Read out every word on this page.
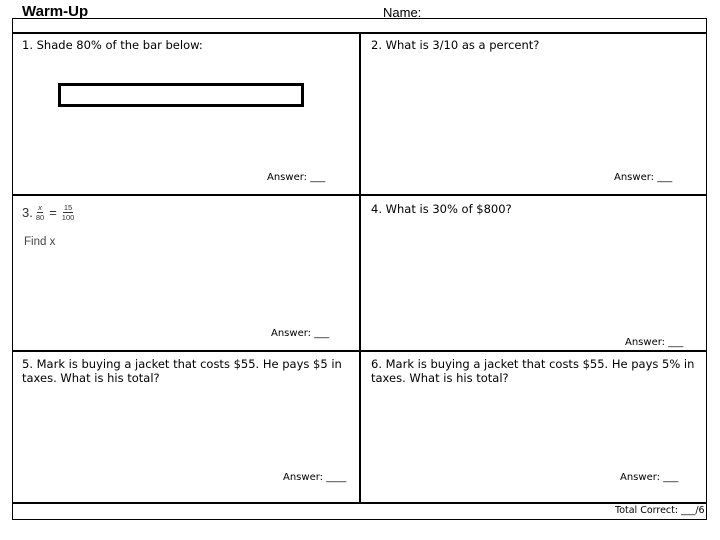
Warm-Up	Name:
1. Shade 80% of the bar below:
Answer: ___
2. What is 3/10 as a percent?
Answer: ___
3. $\frac{x}{80} = \frac{15}{100}$
Find x
Answer: ___
4. What is 30% of $800?
Answer: ___
5. Mark is buying a jacket that costs $55. He pays $5 in taxes. What is his total?
Answer: ____
6. Mark is buying a jacket that costs $55. He pays 5% in taxes. What is his total?
Answer: ___
Total Correct: ___/6
